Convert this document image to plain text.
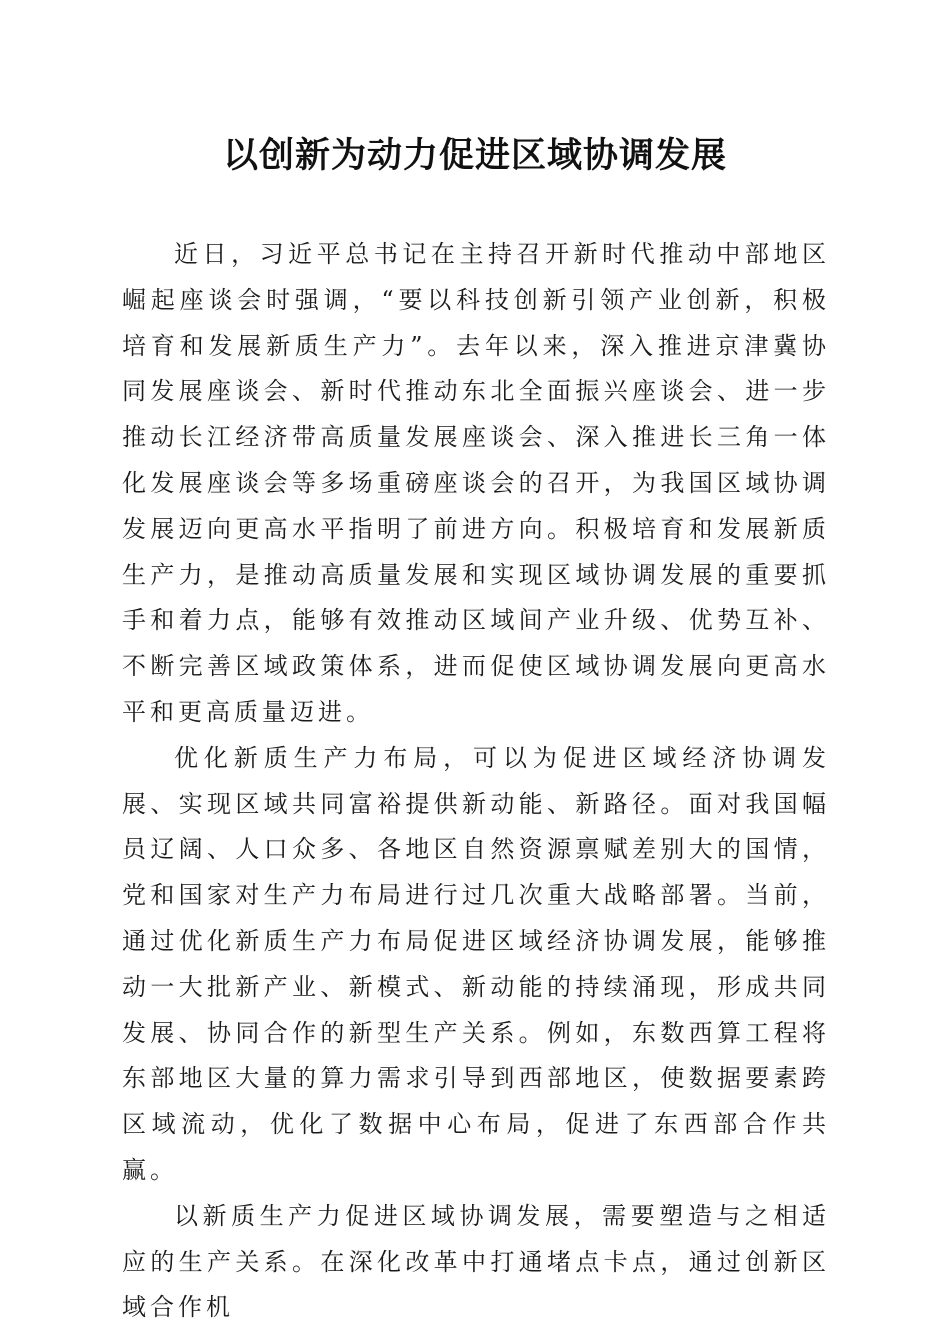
以创新为动力促进区域协调发展

近日，习近平总书记在主持召开新时代推动中部地区崛起座谈会时强调，“要以科技创新引领产业创新，积极培育和发展新质生产力”。去年以来，深入推进京津冀协同发展座谈会、新时代推动东北全面振兴座谈会、进一步推动长江经济带高质量发展座谈会、深入推进长三角一体化发展座谈会等多场重磅座谈会的召开，为我国区域协调发展迈向更高水平指明了前进方向。积极培育和发展新质生产力，是推动高质量发展和实现区域协调发展的重要抓手和着力点，能够有效推动区域间产业升级、优势互补、不断完善区域政策体系，进而促使区域协调发展向更高水平和更高质量迈进。

优化新质生产力布局，可以为促进区域经济协调发展、实现区域共同富裕提供新动能、新路径。面对我国幅员辽阔、人口众多、各地区自然资源禀赋差别大的国情，党和国家对生产力布局进行过几次重大战略部署。当前，通过优化新质生产力布局促进区域经济协调发展，能够推动一大批新产业、新模式、新动能的持续涌现，形成共同发展、协同合作的新型生产关系。例如，东数西算工程将东部地区大量的算力需求引导到西部地区，使数据要素跨区域流动，优化了数据中心布局，促进了东西部合作共赢。

以新质生产力促进区域协调发展，需要塑造与之相适应的生产关系。在深化改革中打通堵点卡点，通过创新区域合作机
